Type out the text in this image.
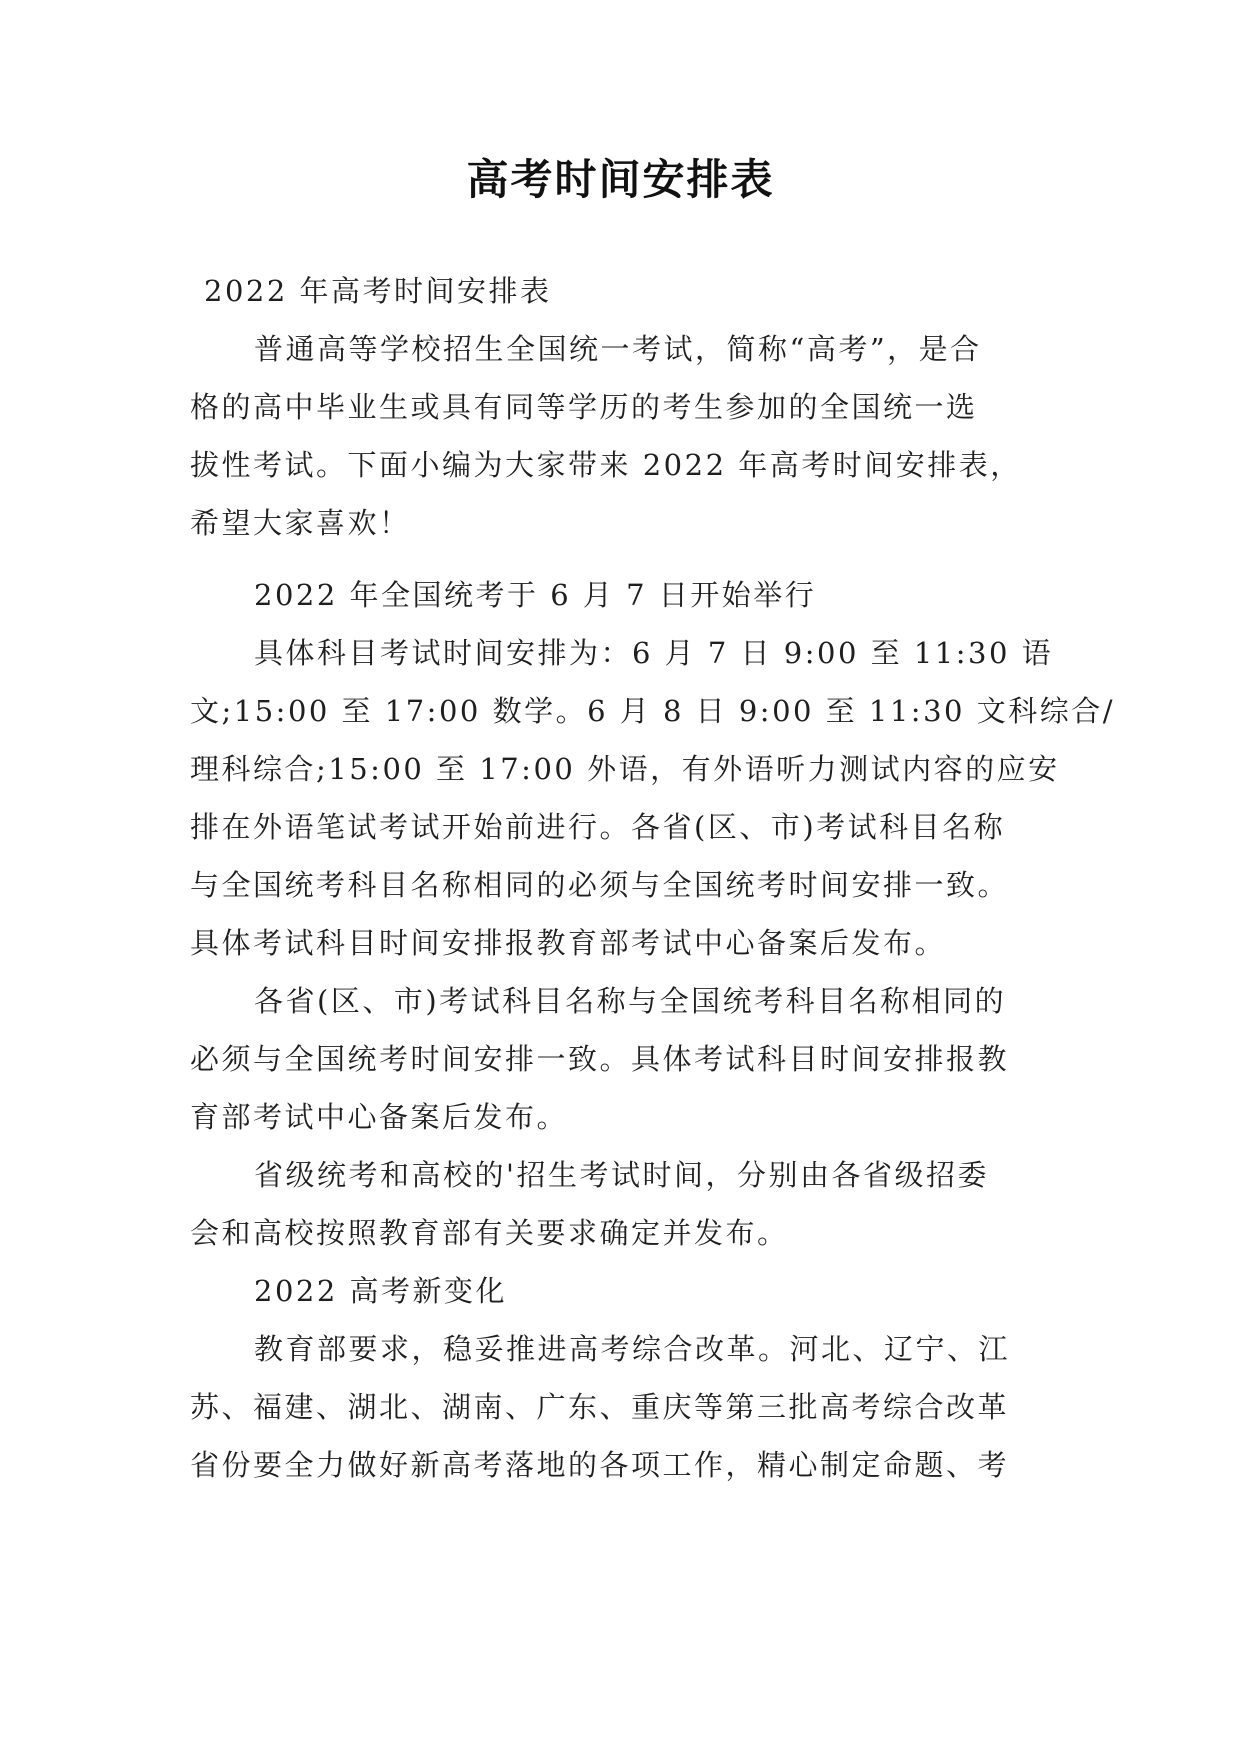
高考时间安排表
2022 年高考时间安排表
普通高等学校招生全国统一考试，简称“高考”，是合
格的高中毕业生或具有同等学历的考生参加的全国统一选
拔性考试。下面小编为大家带来 2022 年高考时间安排表，
希望大家喜欢！
2022 年全国统考于 6 月 7 日开始举行
具体科目考试时间安排为：6 月 7 日 9:00 至 11:30 语
文;15:00 至 17:00 数学。6 月 8 日 9:00 至 11:30 文科综合/
理科综合;15:00 至 17:00 外语，有外语听力测试内容的应安
排在外语笔试考试开始前进行。各省(区、市)考试科目名称
与全国统考科目名称相同的必须与全国统考时间安排一致。
具体考试科目时间安排报教育部考试中心备案后发布。
各省(区、市)考试科目名称与全国统考科目名称相同的
必须与全国统考时间安排一致。具体考试科目时间安排报教
育部考试中心备案后发布。
省级统考和高校的'招生考试时间，分别由各省级招委
会和高校按照教育部有关要求确定并发布。
2022 高考新变化
教育部要求，稳妥推进高考综合改革。河北、辽宁、江
苏、福建、湖北、湖南、广东、重庆等第三批高考综合改革
省份要全力做好新高考落地的各项工作，精心制定命题、考
